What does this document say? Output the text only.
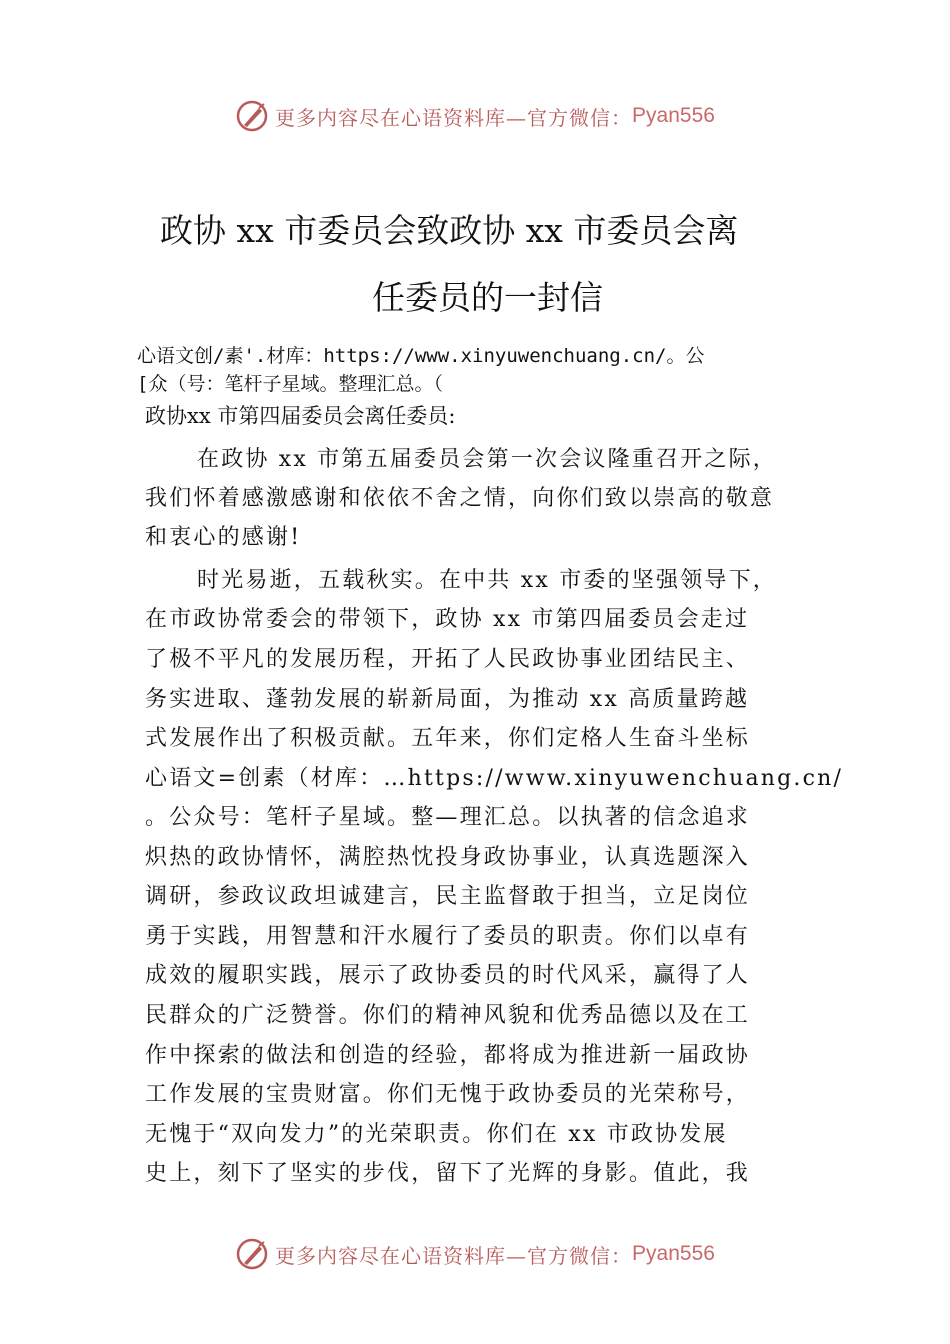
更多内容尽在心语资料库—官方微信： Pyan556
政协 xx 市委员会致政协 xx 市委员会离
任委员的一封信
心语文创/素'.材库：https://www.xinyuwenchuang.cn/。公
[众（号：笔杆子星域。整理汇总。（
政协xx 市第四届委员会离任委员:
在政协 xx 市第五届委员会第一次会议隆重召开之际，
我们怀着感激感谢和依依不舍之情，向你们致以崇高的敬意
和衷心的感谢!
时光易逝，五载秋实。在中共 xx 市委的坚强领导下，
在市政协常委会的带领下，政协 xx 市第四届委员会走过
了极不平凡的发展历程，开拓了人民政协事业团结民主、
务实进取、蓬勃发展的崭新局面，为推动 xx 高质量跨越
式发展作出了积极贡献。五年来，你们定格人生奋斗坐标
心语文=创素（材库：…https://www.xinyuwenchuang.cn/
。公众号：笔杆子星域。整—理汇总。以执著的信念追求
炽热的政协情怀，满腔热忱投身政协事业，认真选题深入
调研，参政议政坦诚建言，民主监督敢于担当，立足岗位
勇于实践，用智慧和汗水履行了委员的职责。你们以卓有
成效的履职实践，展示了政协委员的时代风采，赢得了人
民群众的广泛赞誉。你们的精神风貌和优秀品德以及在工
作中探索的做法和创造的经验，都将成为推进新一届政协
工作发展的宝贵财富。你们无愧于政协委员的光荣称号，
无愧于“双向发力”的光荣职责。你们在 xx 市政协发展
史上，刻下了坚实的步伐，留下了光辉的身影。值此，我
更多内容尽在心语资料库—官方微信： Pyan556
